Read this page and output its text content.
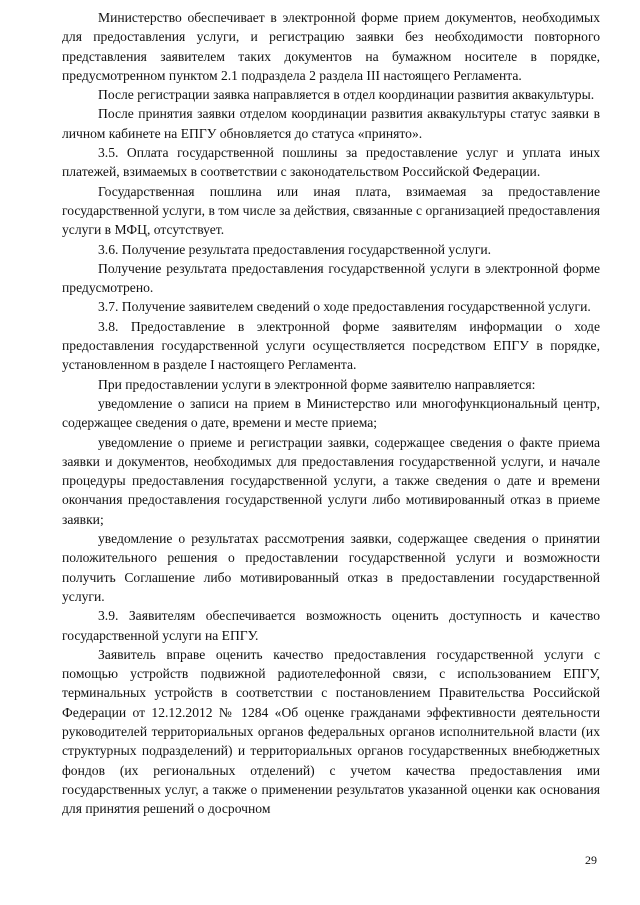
Министерство обеспечивает в электронной форме прием документов, необходимых для предоставления услуги, и регистрацию заявки без необходимости повторного представления заявителем таких документов на бумажном носителе в порядке, предусмотренном пунктом 2.1 подраздела 2 раздела III настоящего Регламента.

После регистрации заявка направляется в отдел координации развития аквакультуры.

После принятия заявки отделом координации развития аквакультуры статус заявки в личном кабинете на ЕПГУ обновляется до статуса «принято».

3.5. Оплата государственной пошлины за предоставление услуг и уплата иных платежей, взимаемых в соответствии с законодательством Российской Федерации.

Государственная пошлина или иная плата, взимаемая за предоставление государственной услуги, в том числе за действия, связанные с организацией предоставления услуги в МФЦ, отсутствует.

3.6. Получение результата предоставления государственной услуги.

Получение результата предоставления государственной услуги в электронной форме предусмотрено.

3.7. Получение заявителем сведений о ходе предоставления государственной услуги.

3.8. Предоставление в электронной форме заявителям информации о ходе предоставления государственной услуги осуществляется посредством ЕПГУ в порядке, установленном в разделе I настоящего Регламента.

При предоставлении услуги в электронной форме заявителю направляется:

уведомление о записи на прием в Министерство или многофункциональный центр, содержащее сведения о дате, времени и месте приема;

уведомление о приеме и регистрации заявки, содержащее сведения о факте приема заявки и документов, необходимых для предоставления государственной услуги, и начале процедуры предоставления государственной услуги, а также сведения о дате и времени окончания предоставления государственной услуги либо мотивированный отказ в приеме заявки;

уведомление о результатах рассмотрения заявки, содержащее сведения о принятии положительного решения о предоставлении государственной услуги и возможности получить Соглашение либо мотивированный отказ в предоставлении государственной услуги.

3.9. Заявителям обеспечивается возможность оценить доступность и качество государственной услуги на ЕПГУ.

Заявитель вправе оценить качество предоставления государственной услуги с помощью устройств подвижной радиотелефонной связи, с использованием ЕПГУ, терминальных устройств в соответствии с постановлением Правительства Российской Федерации от 12.12.2012 № 1284 «Об оценке гражданами эффективности деятельности руководителей территориальных органов федеральных органов исполнительной власти (их структурных подразделений) и территориальных органов государственных внебюджетных фондов (их региональных отделений) с учетом качества предоставления ими государственных услуг, а также о применении результатов указанной оценки как основания для принятия решений о досрочном

29
